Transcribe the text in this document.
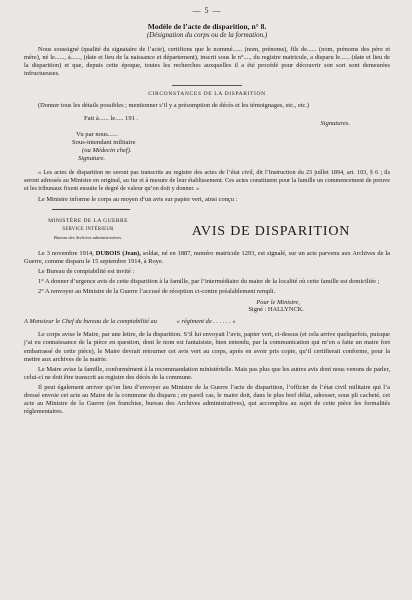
— 5 —
Modèle de l’acte de disparition, n° 8.
(Désignation du corps ou de la formation.)

Nous soussigné (qualité du signataire de l’acte), certifions que le nommé...... (nom, prénoms), fils de...... (nom, prénoms des père et mère), né le......, à......, (date et lieu de la naissance et département), inscrit sous le n°...., du registre matricule, a disparu le...... (date et lieu de la disparition) et que, depuis cette époque, toutes les recherches auxquelles il a été procédé pour découvrir son sort sont demeurées infructueuses.

CIRCONSTANCES DE LA DISPARITION

(Donner tous les détails possibles ; mentionner s’il y a présomption de décès et les témoignages, etc., etc.)

Fait à...... le..... 191 .
Signatures.
Vu par nous......
Sous-intendant militaire
(ou Médecin chef).
Signature.

« Les actes de disparition ne seront pas transcrits au registre des actes de l’état civil, dit l’Instruction du 23 juillet 1894, art. 103, § 6 ; ils seront adressés au Ministre en original, au fur et à mesure de leur établissement. Ces actes constituent pour la famille un commencement de preuve et les tribunaux fixent ensuite le degré de valeur qu’on doit y donner. »

Le Ministre informe le corps au moyen d’un avis sur papier vert, ainsi conçu :

MINISTÈRE DE LA GUERRE
SERVICE INTÉRIEUR
Bureau des Archives administratives.	AVIS DE DISPARITION

Le 3 novembre 1914, DUBOIS (Jean), soldat, né en 1887, numéro matricule 1293, est signalé, sur un acte parvenu aux Archives de la Guerre, comme disparu le 15 septembre 1914, à Roye.

Le Bureau de comptabilité est invité :

1° A donner d’urgence avis de cette disparition à la famille, par l’intermédiaire du maire de la localité où cette famille est domiciliée ;

2° A renvoyer au Ministre de la Guerre l’accusé de réception ci-contre préalablement rempli.

Pour le Ministre,
Signé : HALLYNCK.
A Monsieur le Chef du bureau de la comptabilité au	« régiment de . . . . . . »

Le corps avise le Maire, par une lettre, de la disparition. S’il lui envoyait l’avis, papier vert, ci-dessus (et cela arrive quelquefois, puisque j’ai eu connaissance de la pièce en question, dont le nom est fantaisiste, bien entendu, par la communication qui m’en a faite un maire fort embarrassé de cette pièce), le Maire devrait retourner cet avis vert au corps, après en avoir pris copie, qu’il certifierait conforme, pour la mettre aux archives de la mairie.

Le Maire avise la famille, conformément à la recommandation ministérielle. Mais pas plus que les autres avis dont nous venons de parler, celui-ci ne doit être transcrit au registre des décès de la commune.

Il peut également arriver qu’on lieu d’envoyer au Ministre de la Guerre l’acte de disparition, l’officier de l’état civil militaire qui l’a dressé envoie cet acte au Maire de la commune du disparu ; en pareil cas, le maire doit, dans le plus bref délai, adresser, sous pli cacheté, cet acte au Ministre de la Guerre (en franchise, bureau des Archives administratives), qui accomplira au sujet de cette pièce les formalités réglementaires.
